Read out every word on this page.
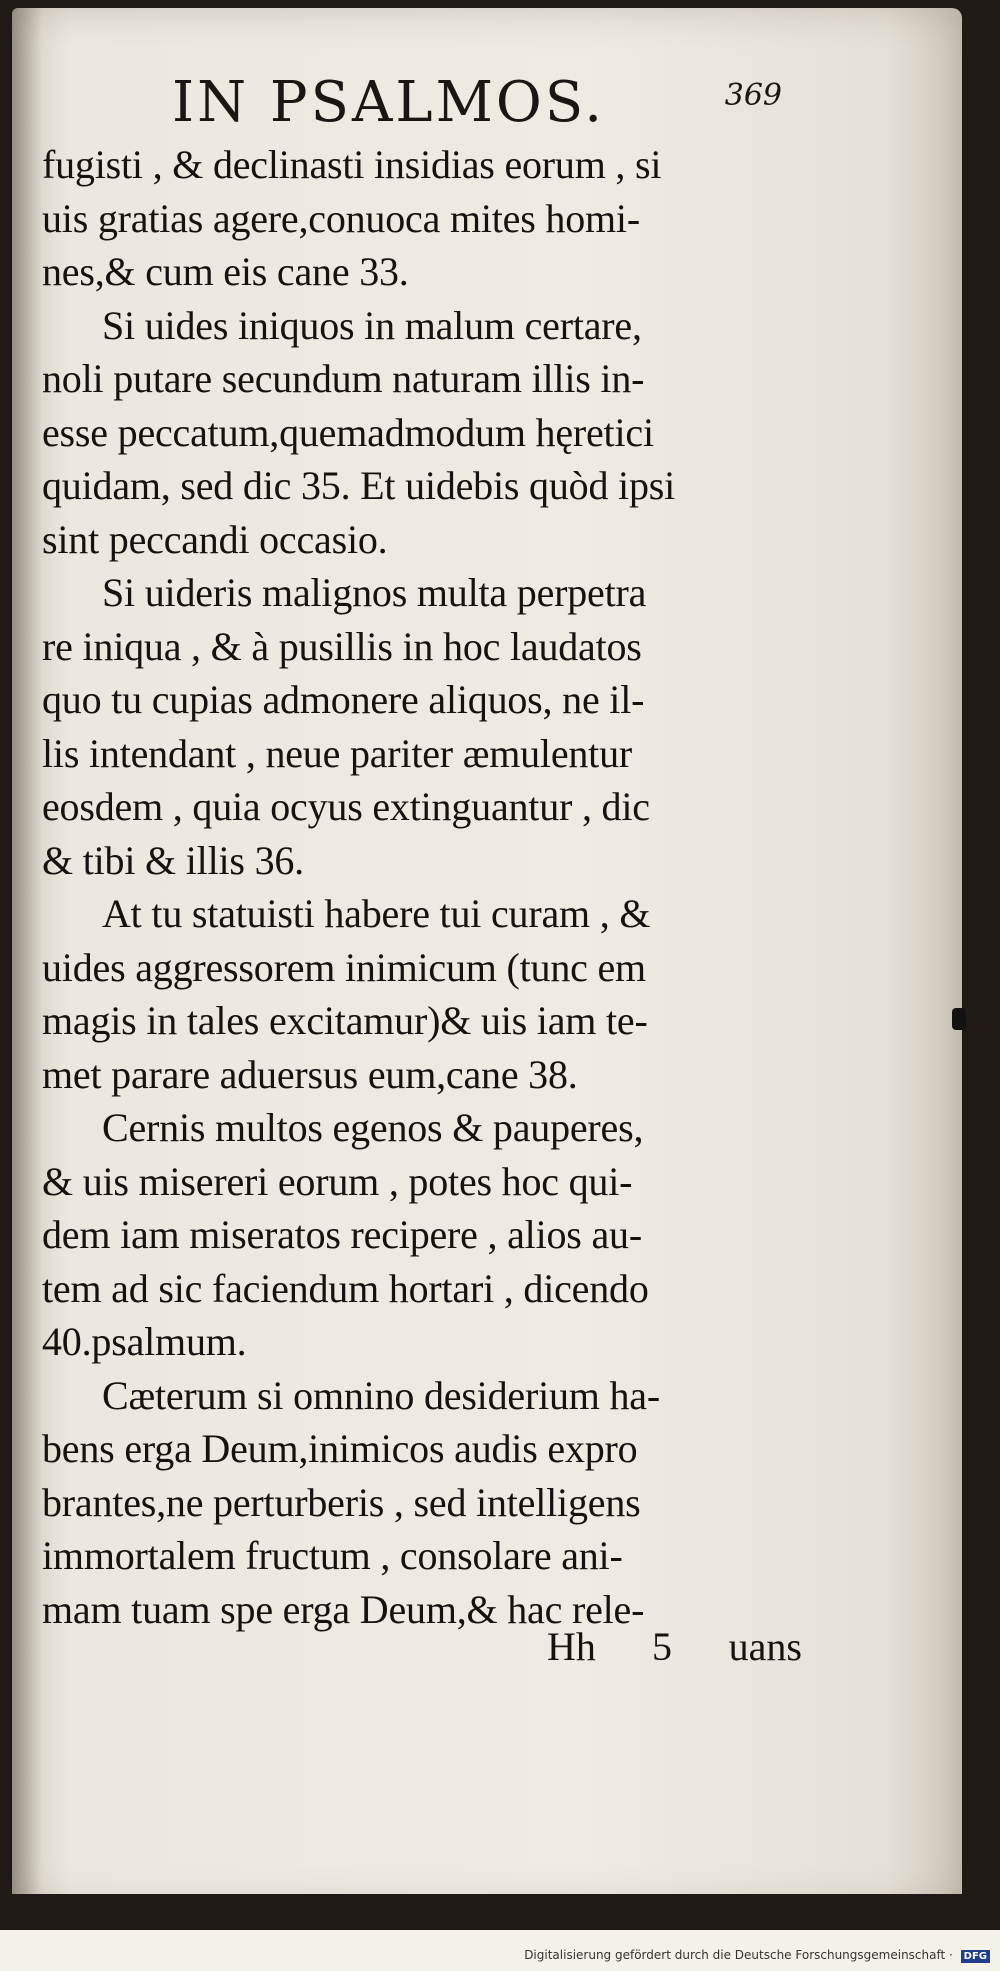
IN PSALMOS.	369
fugisti , & declinasti insidias eorum , si
uis gratias agere,conuoca mites homi-
nes,& cum eis cane 33.
Si uides iniquos in malum certare,
noli putare secundum naturam illis in-
esse peccatum,quemadmodum hęretici
quidam, sed dic 35. Et uidebis quòd ipsi
sint peccandi occasio.
Si uideris malignos multa perpetra
re iniqua , & à pusillis in hoc laudatos
quo tu cupias admonere aliquos, ne il-
lis intendant , neue pariter æmulentur
eosdem , quia ocyus extinguantur , dic
& tibi & illis 36.
At tu statuisti habere tui curam , &
uides aggressorem inimicum (tunc em
magis in tales excitamur)& uis iam te-
met parare aduersus eum,cane 38.
Cernis multos egenos & pauperes,
& uis misereri eorum , potes hoc qui-
dem iam miseratos recipere , alios au-
tem ad sic faciendum hortari , dicendo
40.psalmum.
Cæterum si omnino desiderium ha-
bens erga Deum,inimicos audis expro
brantes,ne perturberis , sed intelligens
immortalem fructum , consolare ani-
mam tuam spe erga Deum,& hac rele-
Hh 5 uans
Digitalisierung gefördert durch die Deutsche Forschungsgemeinschaft · DFG
